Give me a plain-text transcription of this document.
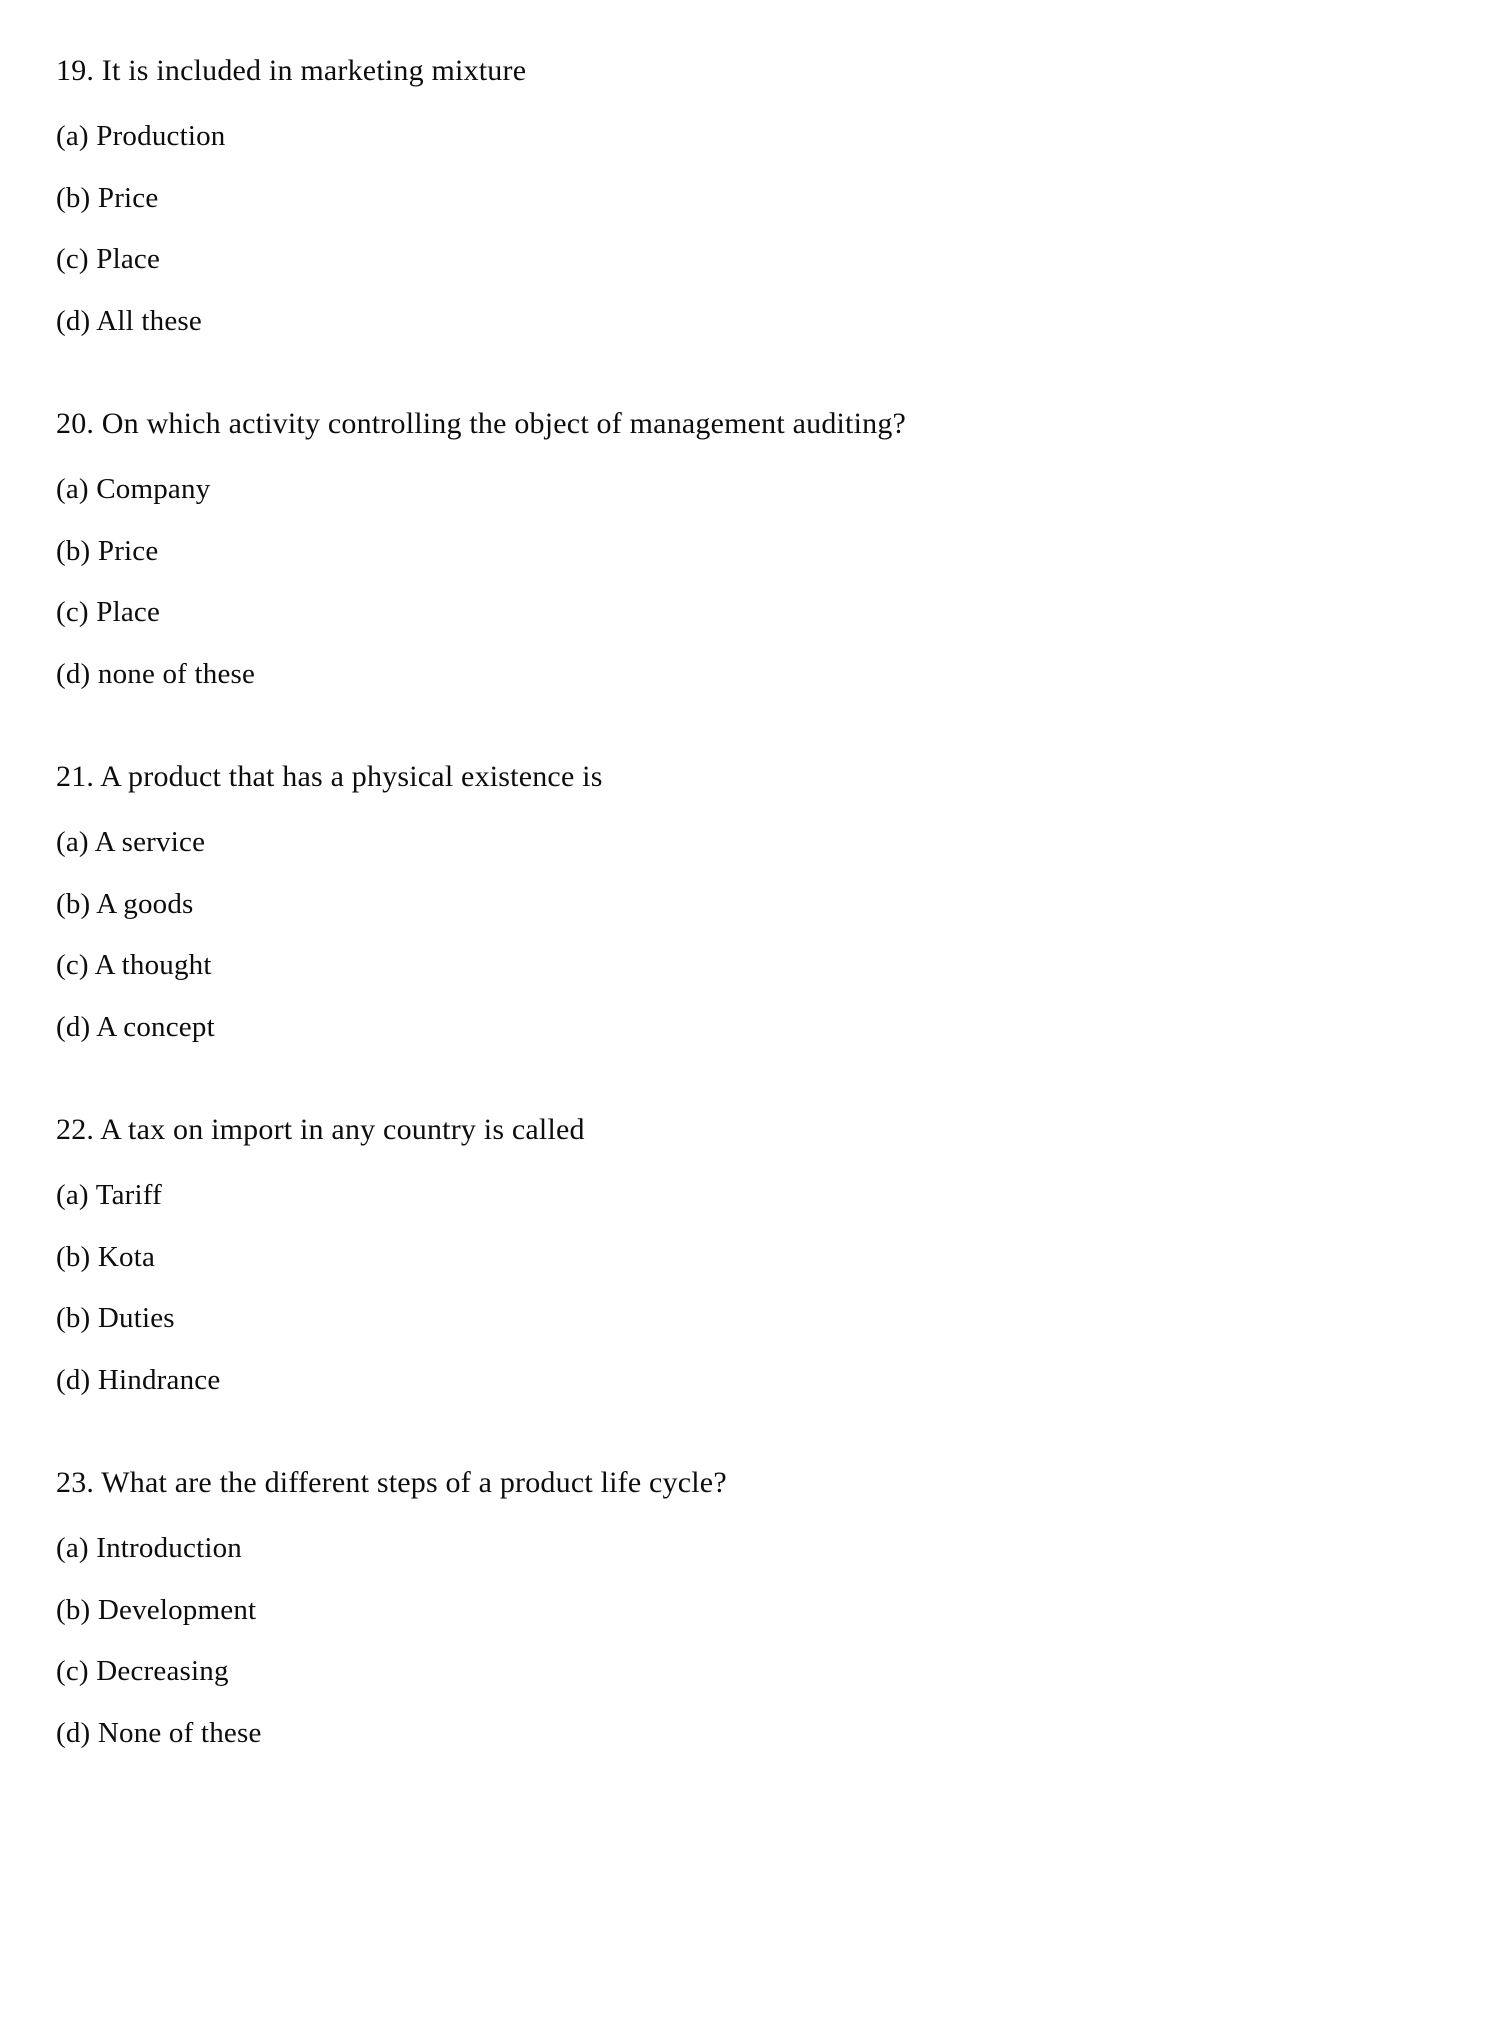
19. It is included in marketing mixture

(a) Production

(b) Price

(c) Place

(d) All these

20. On which activity controlling the object of management auditing?

(a) Company

(b) Price

(c) Place

(d) none of these

21. A product that has a physical existence is

(a) A service

(b) A goods

(c) A thought

(d) A concept

22. A tax on import in any country is called

(a) Tariff

(b) Kota

(b) Duties

(d) Hindrance

23. What are the different steps of a product life cycle?

(a) Introduction

(b) Development

(c) Decreasing

(d) None of these
